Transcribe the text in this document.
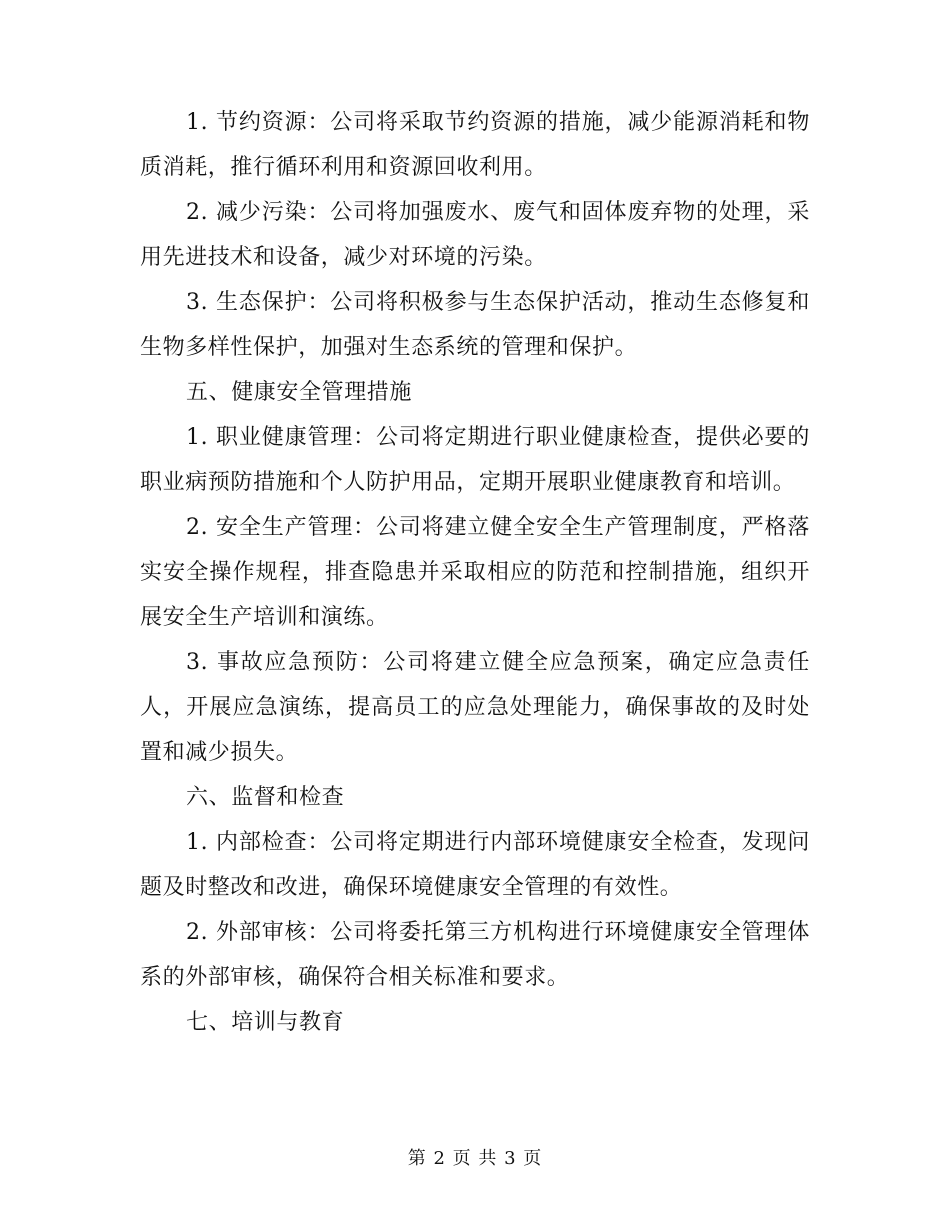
1. 节约资源：公司将采取节约资源的措施，减少能源消耗和物质消耗，推行循环利用和资源回收利用。

2. 减少污染：公司将加强废水、废气和固体废弃物的处理，采用先进技术和设备，减少对环境的污染。

3. 生态保护：公司将积极参与生态保护活动，推动生态修复和生物多样性保护，加强对生态系统的管理和保护。

五、健康安全管理措施

1. 职业健康管理：公司将定期进行职业健康检查，提供必要的职业病预防措施和个人防护用品，定期开展职业健康教育和培训。

2. 安全生产管理：公司将建立健全安全生产管理制度，严格落实安全操作规程，排查隐患并采取相应的防范和控制措施，组织开展安全生产培训和演练。

3. 事故应急预防：公司将建立健全应急预案，确定应急责任人，开展应急演练，提高员工的应急处理能力，确保事故的及时处置和减少损失。

六、监督和检查

1. 内部检查：公司将定期进行内部环境健康安全检查，发现问题及时整改和改进，确保环境健康安全管理的有效性。

2. 外部审核：公司将委托第三方机构进行环境健康安全管理体系的外部审核，确保符合相关标准和要求。

七、培训与教育

第 2 页 共 3 页
